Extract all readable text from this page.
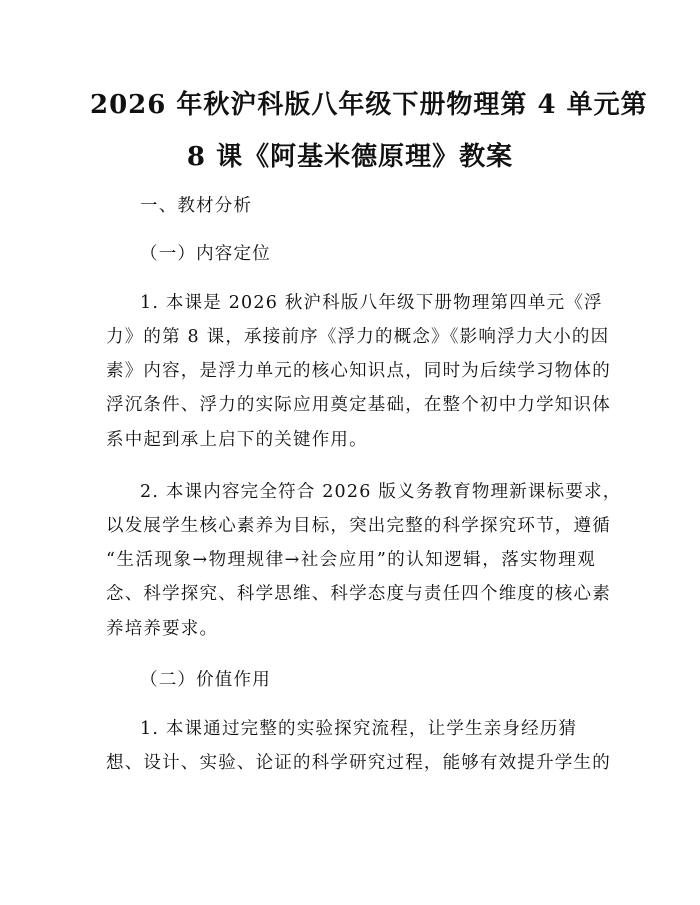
2026 年秋沪科版八年级下册物理第 4 单元第
8 课《阿基米德原理》教案

一、教材分析

（一）内容定位

1. 本课是 2026 秋沪科版八年级下册物理第四单元《浮

力》的第 8 课，承接前序《浮力的概念》《影响浮力大小的因

素》内容，是浮力单元的核心知识点，同时为后续学习物体的

浮沉条件、浮力的实际应用奠定基础，在整个初中力学知识体

系中起到承上启下的关键作用。

2. 本课内容完全符合 2026 版义务教育物理新课标要求，

以发展学生核心素养为目标，突出完整的科学探究环节，遵循

“生活现象→物理规律→社会应用”的认知逻辑，落实物理观

念、科学探究、科学思维、科学态度与责任四个维度的核心素

养培养要求。

（二）价值作用

1. 本课通过完整的实验探究流程，让学生亲身经历猜

想、设计、实验、论证的科学研究过程，能够有效提升学生的
